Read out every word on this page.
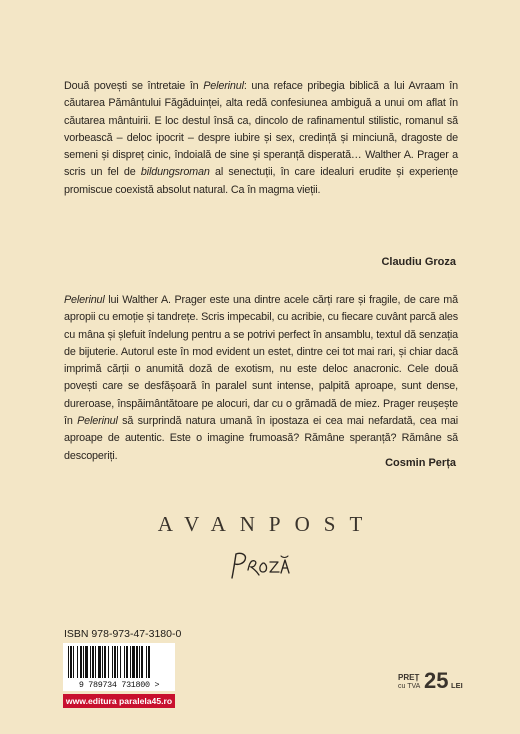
Două povești se întretaie în Pelerinul: una reface pribegia biblică a lui Avraam în căutarea Pământului Făgăduinței, alta redă confesiunea ambiguă a unui om aflat în căutarea mântuirii. E loc destul însă ca, dincolo de rafinamentul stilistic, romanul să vorbească – deloc ipocrit – despre iubire și sex, credință și minciună, dragoste de semeni și dispreț cinic, îndoială de sine și speranță disperată… Walther A. Prager a scris un fel de bildungsroman al senectuții, în care idealuri erudite și experiențe promiscue coexistă absolut natural. Ca în magma vieții.

Claudiu Groza

Pelerinul lui Walther A. Prager este una dintre acele cărți rare și fragile, de care mă apropii cu emoție și tandrețe. Scris impecabil, cu acribie, cu fiecare cuvânt parcă ales cu mâna și șlefuit îndelung pentru a se potrivi perfect în ansamblu, textul dă senzația de bijuterie. Autorul este în mod evident un estet, dintre cei tot mai rari, și chiar dacă imprimă cărții o anumită doză de exotism, nu este deloc anacronic. Cele două povești care se desfășoară în paralel sunt intense, palpită aproape, sunt dense, dureroase, înspăimântătoare pe alocuri, dar cu o grămadă de miez. Prager reușește în Pelerinul să surprindă natura umană în ipostaza ei cea mai nefardată, cea mai aproape de autentic. Este o imagine frumoasă? Rămâne speranță? Rămâne să descoperiți.

Cosmin Perța
AVANPOST
ISBN 978-973-47-3180-0
9 789734 731800 >
www.editura paralela45.ro
PREȚ
cu TVA 25 LEI
